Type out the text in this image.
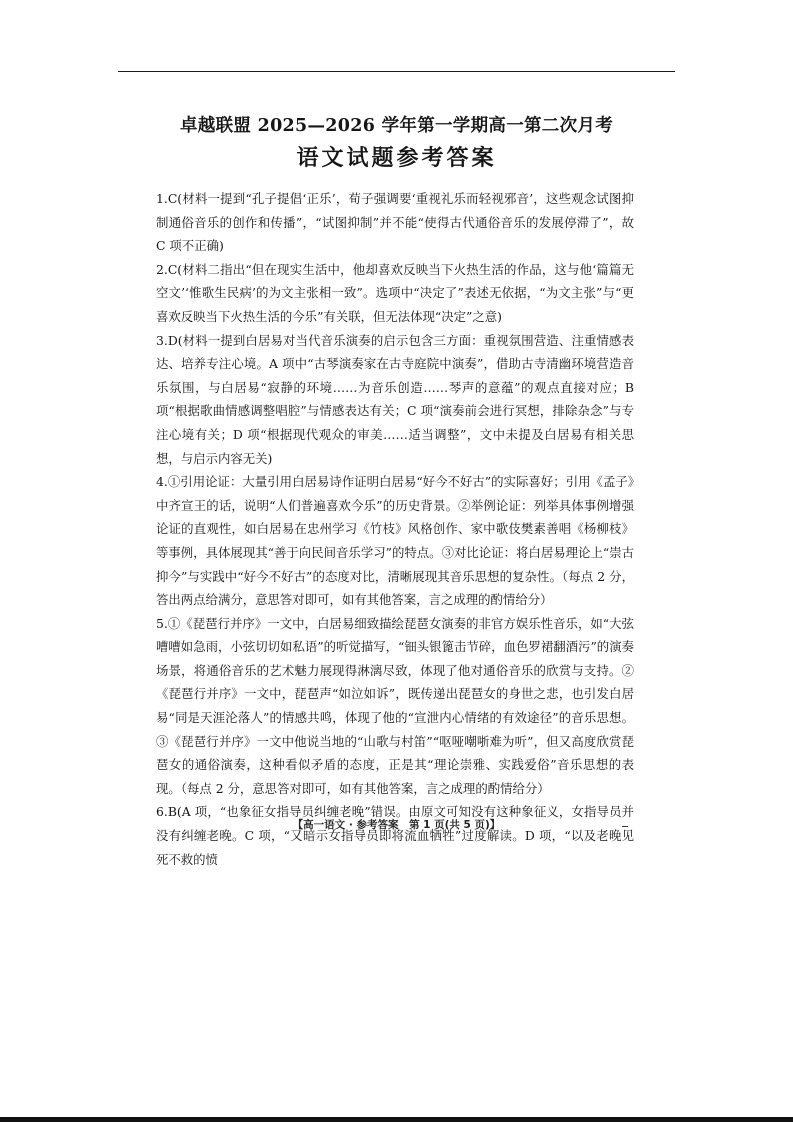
卓越联盟 2025—2026 学年第一学期高一第二次月考
语文试题参考答案

1.C(材料一提到“孔子提倡‘正乐’，荀子强调要‘重视礼乐而轻视邪音’，这些观念试图抑制通俗音乐的创作和传播”，“试图抑制”并不能“使得古代通俗音乐的发展停滞了”，故 C 项不正确)

2.C(材料二指出“但在现实生活中，他却喜欢反映当下火热生活的作品，这与他‘篇篇无空文’‘惟歌生民病’的为文主张相一致”。选项中“决定了”表述无依据，“为文主张”与“更喜欢反映当下火热生活的今乐”有关联，但无法体现“决定”之意)

3.D(材料一提到白居易对当代音乐演奏的启示包含三方面：重视氛围营造、注重情感表达、培养专注心境。A 项中“古琴演奏家在古寺庭院中演奏”，借助古寺清幽环境营造音乐氛围，与白居易“寂静的环境……为音乐创造……琴声的意蕴”的观点直接对应；B 项“根据歌曲情感调整唱腔”与情感表达有关；C 项“演奏前会进行冥想，排除杂念”与专注心境有关；D 项“根据现代观众的审美……适当调整”，文中未提及白居易有相关思想，与启示内容无关)

4.①引用论证：大量引用白居易诗作证明白居易“好今不好古”的实际喜好；引用《孟子》中齐宣王的话，说明“人们普遍喜欢今乐”的历史背景。②举例论证：列举具体事例增强论证的直观性，如白居易在忠州学习《竹枝》风格创作、家中歌伎樊素善唱《杨柳枝》等事例，具体展现其“善于向民间音乐学习”的特点。③对比论证：将白居易理论上“崇古抑今”与实践中“好今不好古”的态度对比，清晰展现其音乐思想的复杂性。（每点 2 分，答出两点给满分，意思答对即可，如有其他答案，言之成理的酌情给分）

5.①《琵琶行并序》一文中，白居易细致描绘琵琶女演奏的非官方娱乐性音乐，如“大弦嘈嘈如急雨，小弦切切如私语”的听觉描写，“钿头银篦击节碎，血色罗裙翻酒污”的演奏场景，将通俗音乐的艺术魅力展现得淋漓尽致，体现了他对通俗音乐的欣赏与支持。②《琵琶行并序》一文中，琵琶声“如泣如诉”，既传递出琵琶女的身世之悲，也引发白居易“同是天涯沦落人”的情感共鸣，体现了他的“宣泄内心情绪的有效途径”的音乐思想。③《琵琶行并序》一文中他说当地的“山歌与村笛”“呕哑嘲哳难为听”，但又高度欣赏琵琶女的通俗演奏，这种看似矛盾的态度，正是其“理论崇雅、实践爱俗”音乐思想的表现。（每点 2 分，意思答对即可，如有其他答案，言之成理的酌情给分）

6.B(A 项，“也象征女指导员纠缠老晚”错误。由原文可知没有这种象征义，女指导员并没有纠缠老晚。C 项，“又暗示女指导员即将流血牺牲”过度解读。D 项，“以及老晚见死不救的愤

【高一语文 · 参考答案　第 1 页(共 5 页)】
